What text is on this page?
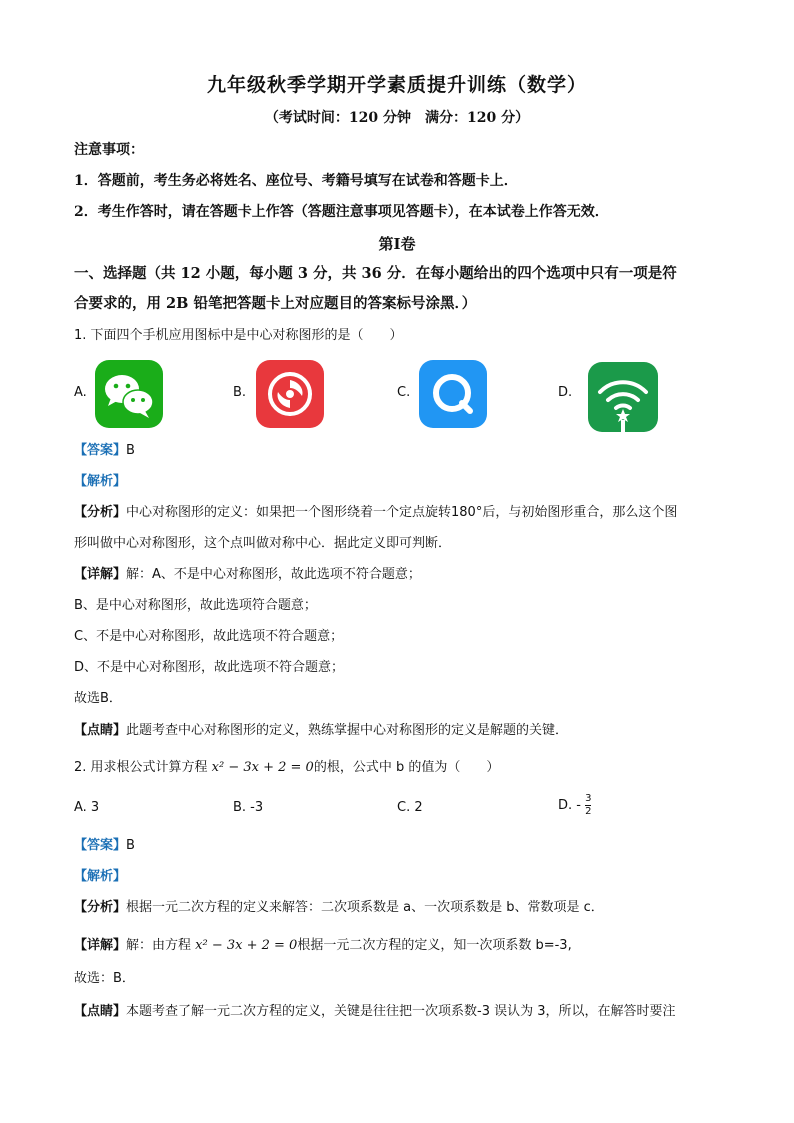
九年级秋季学期开学素质提升训练（数学）
（考试时间：120 分钟　满分：120 分）
注意事项：
1．答题前，考生务必将姓名、座位号、考籍号填写在试卷和答题卡上．
2．考生作答时，请在答题卡上作答（答题注意事项见答题卡），在本试卷上作答无效．
第Ⅰ卷
一、选择题（共 12 小题，每小题 3 分，共 36 分．在每小题给出的四个选项中只有一项是符
合要求的，用 2B 铅笔把答题卡上对应题目的答案标号涂黑．）
1. 下面四个手机应用图标中是中心对称图形的是（　　）
A.	B.	C.	D.
【答案】B
【解析】
【分析】中心对称图形的定义：如果把一个图形绕着一个定点旋转180°后，与初始图形重合，那么这个图
形叫做中心对称图形，这个点叫做对称中心．据此定义即可判断．
【详解】解：A、不是中心对称图形，故此选项不符合题意；
B、是中心对称图形，故此选项符合题意；
C、不是中心对称图形，故此选项不符合题意；
D、不是中心对称图形，故此选项不符合题意；
故选B．
【点睛】此题考查中心对称图形的定义，熟练掌握中心对称图形的定义是解题的关键．
2. 用求根公式计算方程 x² − 3x + 2 = 0的根，公式中 b 的值为（　　）
A. 3	B. -3	C. 2	D. - $\frac{3}{2}$
【答案】B
【解析】
【分析】根据一元二次方程的定义来解答：二次项系数是 a、一次项系数是 b、常数项是 c．
【详解】解：由方程 x² − 3x + 2 = 0根据一元二次方程的定义，知一次项系数 b=-3,
故选：B．
【点睛】本题考查了解一元二次方程的定义，关键是往往把一次项系数-3 误认为 3，所以，在解答时要注
